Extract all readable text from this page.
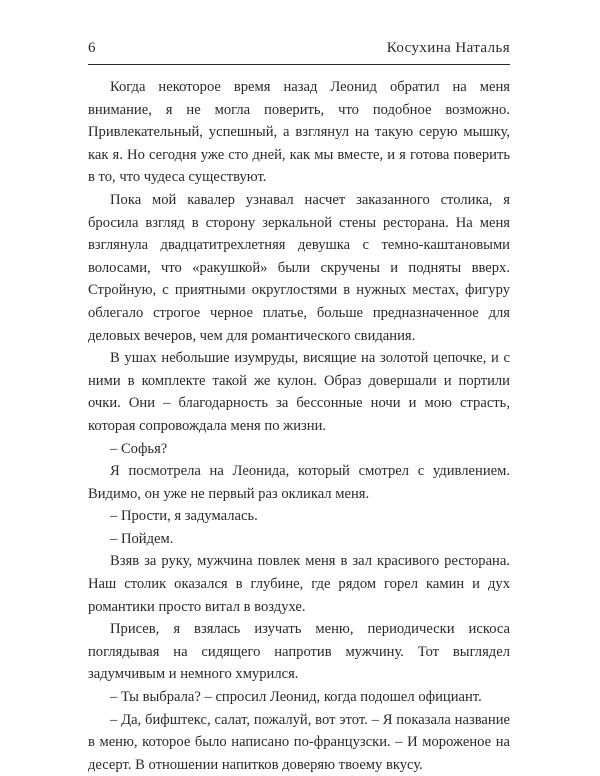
6	Косухина Наталья

Когда некоторое время назад Леонид обратил на меня внимание, я не могла поверить, что подобное возможно. Привлекательный, успешный, а взглянул на такую серую мышку, как я. Но сегодня уже сто дней, как мы вместе, и я готова поверить в то, что чудеса существуют.

Пока мой кавалер узнавал насчет заказанного столика, я бросила взгляд в сторону зеркальной стены ресторана. На меня взглянула двадцатитрехлетняя девушка с темно-каштановыми волосами, что «ракушкой» были скручены и подняты вверх. Стройную, с приятными округлостями в нужных местах, фигуру облегало строгое черное платье, больше предназначенное для деловых вечеров, чем для романтического свидания.

В ушах небольшие изумруды, висящие на золотой цепочке, и с ними в комплекте такой же кулон. Образ довершали и портили очки. Они – благодарность за бессонные ночи и мою страсть, которая сопровождала меня по жизни.

– Софья?

Я посмотрела на Леонида, который смотрел с удивлением. Видимо, он уже не первый раз окликал меня.

– Прости, я задумалась.

– Пойдем.

Взяв за руку, мужчина повлек меня в зал красивого ресторана. Наш столик оказался в глубине, где рядом горел камин и дух романтики просто витал в воздухе.

Присев, я взялась изучать меню, периодически искоса поглядывая на сидящего напротив мужчину. Тот выглядел задумчивым и немного хмурился.

– Ты выбрала? – спросил Леонид, когда подошел официант.

– Да, бифштекс, салат, пожалуй, вот этот. – Я показала название в меню, которое было написано по-французски. – И мороженое на десерт. В отношении напитков доверяю твоему вкусу.
